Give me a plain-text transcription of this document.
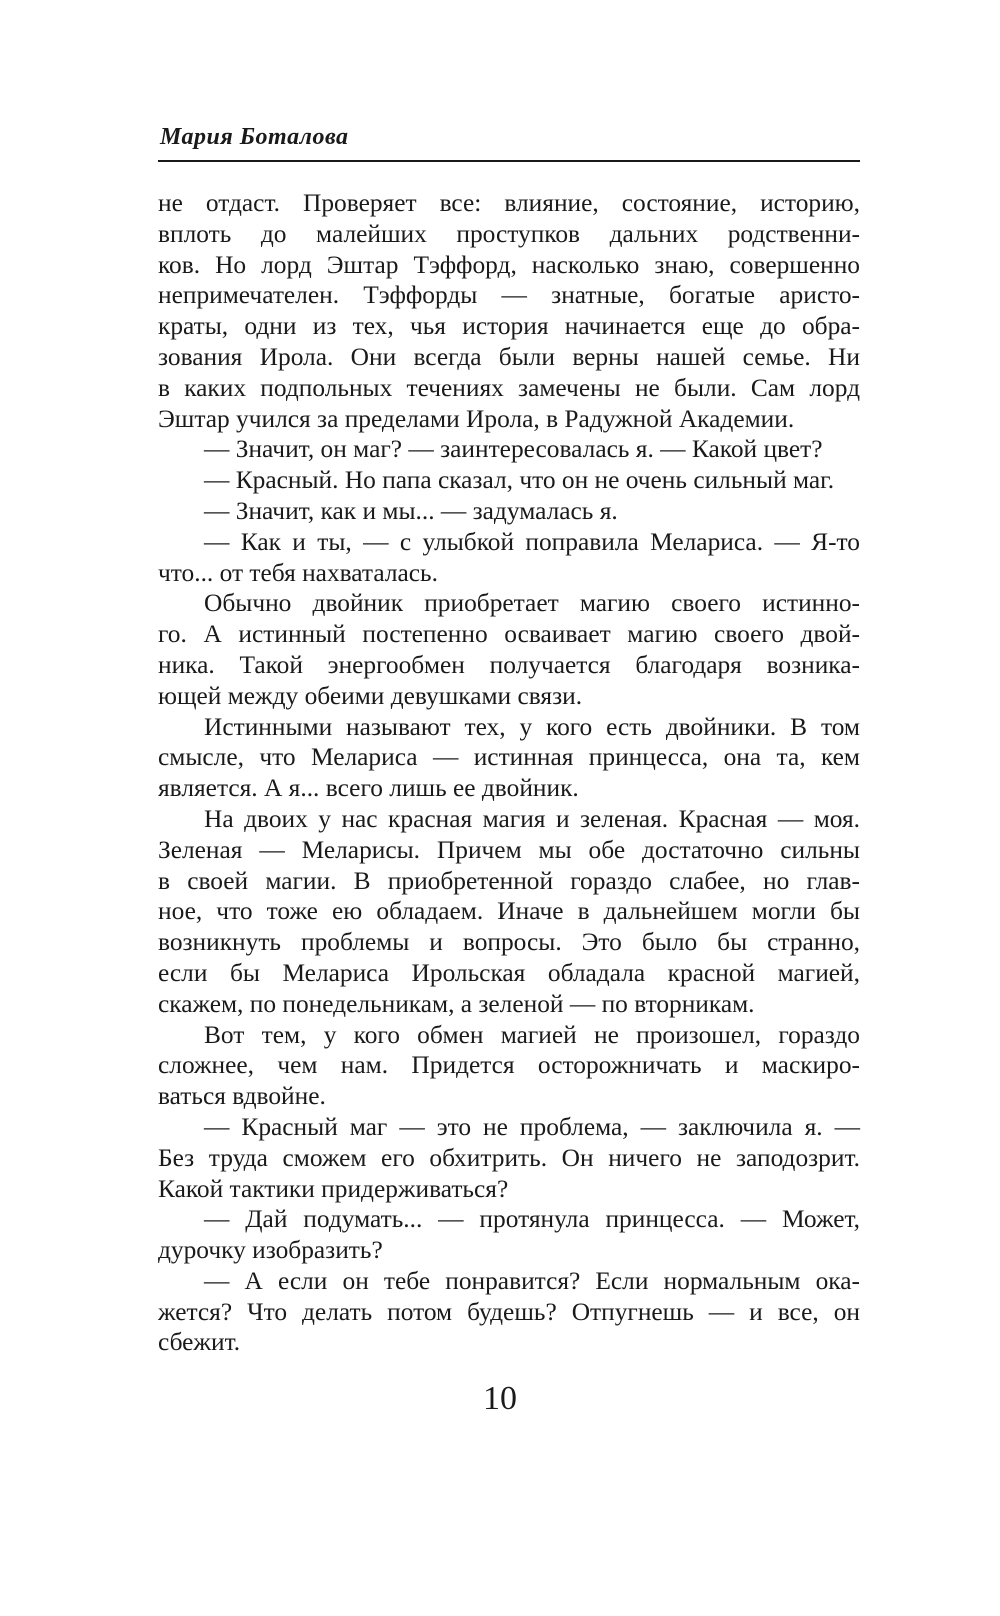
Мария Боталова
не отдаст. Проверяет все: влияние, состояние, историю,
вплоть до малейших проступков дальних родственни-
ков. Но лорд Эштар Тэффорд, насколько знаю, совершенно
непримечателен. Тэффорды — знатные, богатые аристо-
краты, одни из тех, чья история начинается еще до обра-
зования Ирола. Они всегда были верны нашей семье. Ни
в каких подпольных течениях замечены не были. Сам лорд
Эштар учился за пределами Ирола, в Радужной Академии.
— Значит, он маг? — заинтересовалась я. — Какой цвет?
— Красный. Но папа сказал, что он не очень сильный маг.
— Значит, как и мы... — задумалась я.
— Как и ты, — с улыбкой поправила Мелариса. — Я-то
что... от тебя нахваталась.
Обычно двойник приобретает магию своего истинно-
го. А истинный постепенно осваивает магию своего двой-
ника. Такой энергообмен получается благодаря возника-
ющей между обеими девушками связи.
Истинными называют тех, у кого есть двойники. В том
смысле, что Мелариса — истинная принцесса, она та, кем
является. А я... всего лишь ее двойник.
На двоих у нас красная магия и зеленая. Красная — моя.
Зеленая — Меларисы. Причем мы обе достаточно сильны
в своей магии. В приобретенной гораздо слабее, но глав-
ное, что тоже ею обладаем. Иначе в дальнейшем могли бы
возникнуть проблемы и вопросы. Это было бы странно,
если бы Мелариса Ирольская обладала красной магией,
скажем, по понедельникам, а зеленой — по вторникам.
Вот тем, у кого обмен магией не произошел, гораздо
сложнее, чем нам. Придется осторожничать и маскиро-
ваться вдвойне.
— Красный маг — это не проблема, — заключила я. —
Без труда сможем его обхитрить. Он ничего не заподозрит.
Какой тактики придерживаться?
— Дай подумать... — протянула принцесса. — Может,
дурочку изобразить?
— А если он тебе понравится? Если нормальным ока-
жется? Что делать потом будешь? Отпугнешь — и все, он
сбежит.
10
